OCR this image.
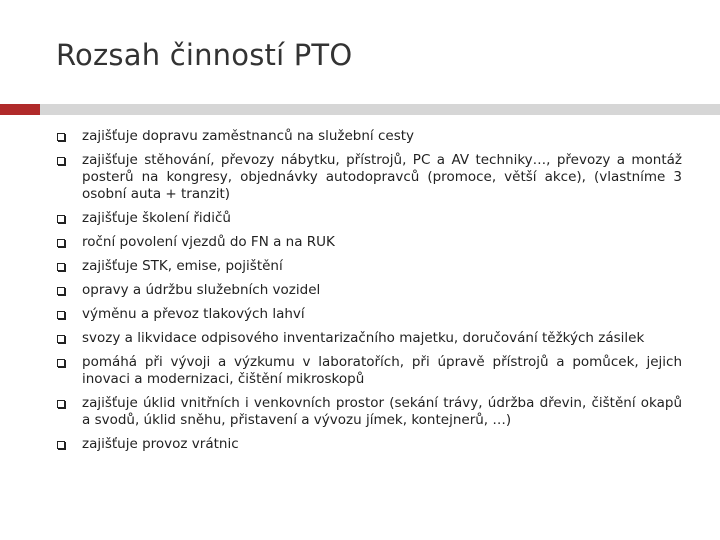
Rozsah činností PTO
zajišťuje dopravu zaměstnanců na služební cesty
zajišťuje stěhování, převozy nábytku, přístrojů, PC a AV techniky…, převozy a montáž posterů na kongresy, objednávky autodopravců (promoce, větší akce), (vlastníme 3 osobní auta + tranzit)
zajišťuje školení řidičů
roční povolení vjezdů do FN a na RUK
zajišťuje STK, emise, pojištění
opravy a údržbu služebních vozidel
výměnu a převoz tlakových lahví
svozy a likvidace odpisového inventarizačního majetku, doručování těžkých zásilek
pomáhá při vývoji a výzkumu v laboratořích, při úpravě přístrojů a pomůcek, jejich inovaci a modernizaci, čištění mikroskopů
zajišťuje úklid vnitřních i venkovních prostor (sekání trávy, údržba dřevin, čištění okapů a svodů, úklid sněhu, přistavení a vývozu jímek, kontejnerů, …)
zajišťuje provoz vrátnic
